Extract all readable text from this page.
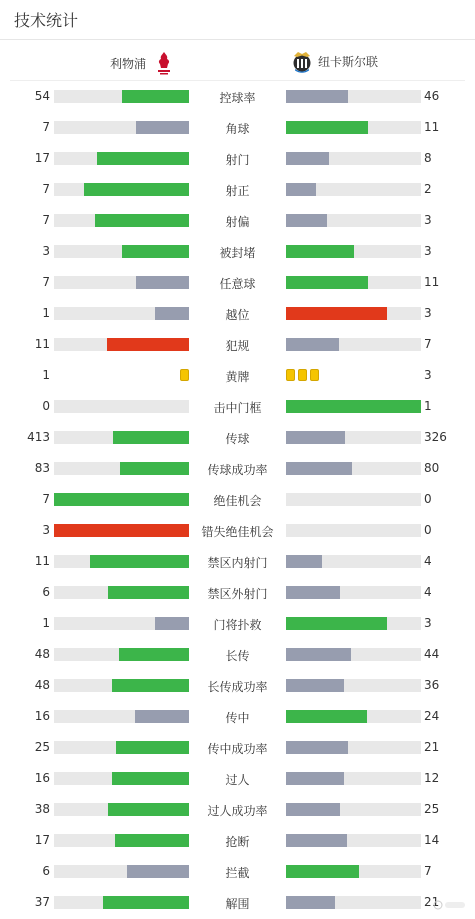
技术统计
利物浦	纽卡斯尔联
54	控球率	46
7	角球	11
17	射门	8
7	射正	2
7	射偏	3
3	被封堵	3
7	任意球	11
1	越位	3
11	犯规	7
1	黄牌	3
0	击中门框	1
413	传球	326
83	传球成功率	80
7	绝佳机会	0
3	错失绝佳机会	0
11	禁区内射门	4
6	禁区外射门	4
1	门将扑救	3
48	长传	44
48	长传成功率	36
16	传中	24
25	传中成功率	21
16	过人	12
38	过人成功率	25
17	抢断	14
6	拦截	7
37	解围	21
